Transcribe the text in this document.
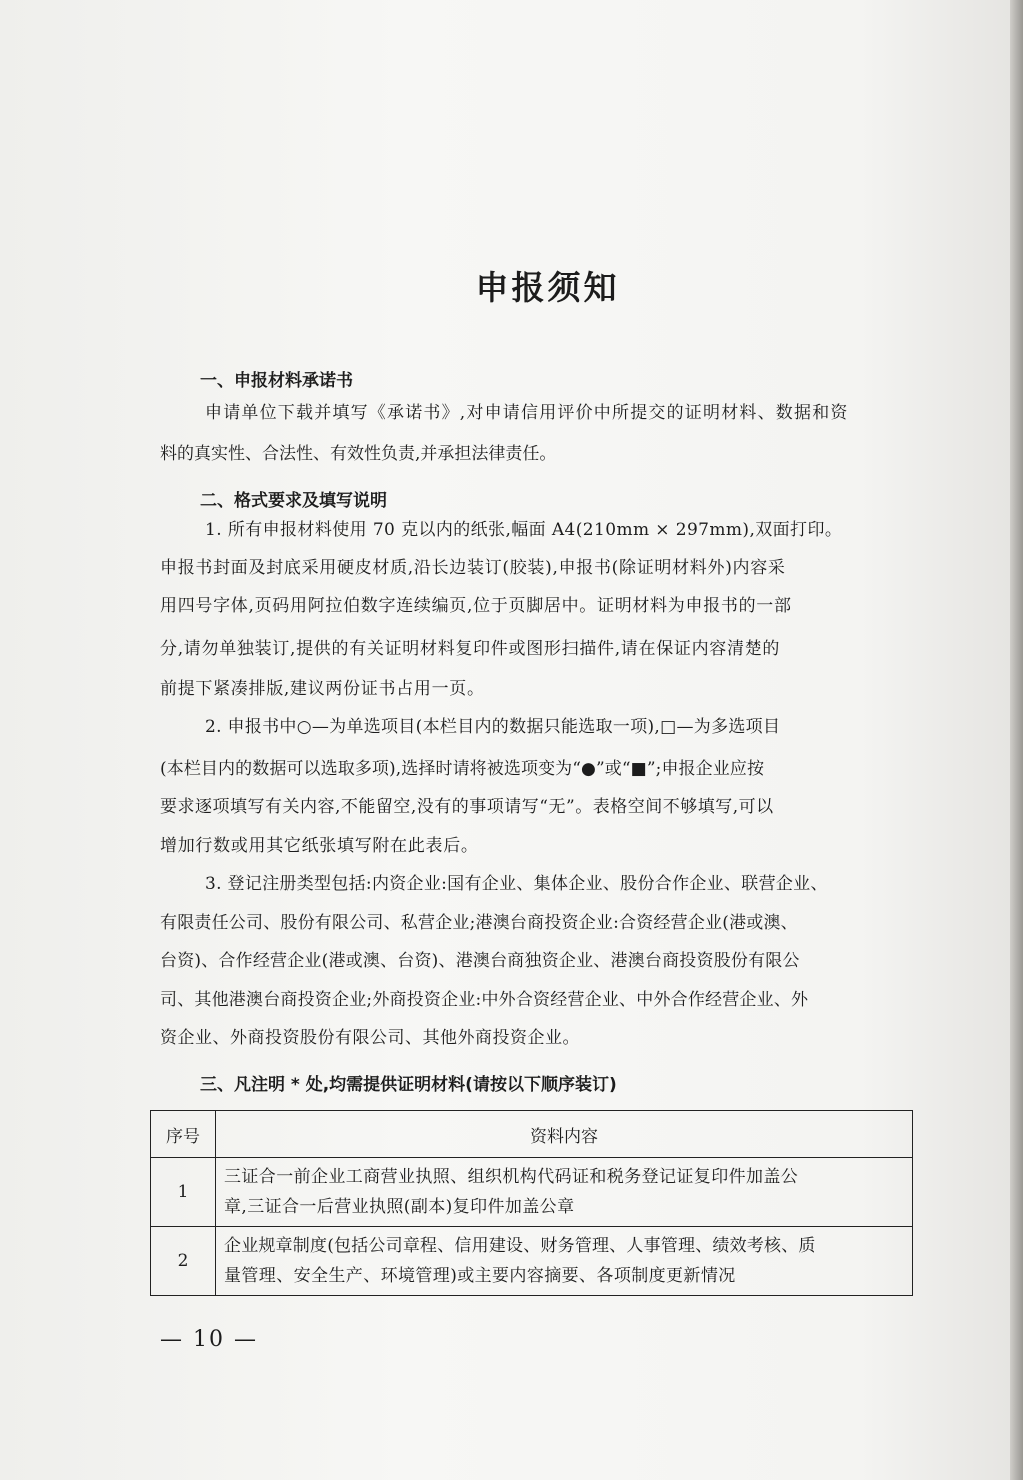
申报须知
一、申报材料承诺书
申请单位下载并填写《承诺书》,对申请信用评价中所提交的证明材料、数据和资
料的真实性、合法性、有效性负责,并承担法律责任。
二、格式要求及填写说明
1. 所有申报材料使用 70 克以内的纸张,幅面 A4(210mm × 297mm),双面打印。
申报书封面及封底采用硬皮材质,沿长边装订(胶装),申报书(除证明材料外)内容采
用四号字体,页码用阿拉伯数字连续编页,位于页脚居中。证明材料为申报书的一部
分,请勿单独装订,提供的有关证明材料复印件或图形扫描件,请在保证内容清楚的
前提下紧凑排版,建议两份证书占用一页。
2. 申报书中○—为单选项目(本栏目内的数据只能选取一项),□—为多选项目
(本栏目内的数据可以选取多项),选择时请将被选项变为“●”或“■”;申报企业应按
要求逐项填写有关内容,不能留空,没有的事项请写“无”。表格空间不够填写,可以
增加行数或用其它纸张填写附在此表后。
3. 登记注册类型包括:内资企业:国有企业、集体企业、股份合作企业、联营企业、
有限责任公司、股份有限公司、私营企业;港澳台商投资企业:合资经营企业(港或澳、
台资)、合作经营企业(港或澳、台资)、港澳台商独资企业、港澳台商投资股份有限公
司、其他港澳台商投资企业;外商投资企业:中外合资经营企业、中外合作经营企业、外
资企业、外商投资股份有限公司、其他外商投资企业。
三、凡注明 * 处,均需提供证明材料(请按以下顺序装订)
序号	资料内容
1	三证合一前企业工商营业执照、组织机构代码证和税务登记证复印件加盖公
章,三证合一后营业执照(副本)复印件加盖公章

2	企业规章制度(包括公司章程、信用建设、财务管理、人事管理、绩效考核、质
量管理、安全生产、环境管理)或主要内容摘要、各项制度更新情况
— 10 —
